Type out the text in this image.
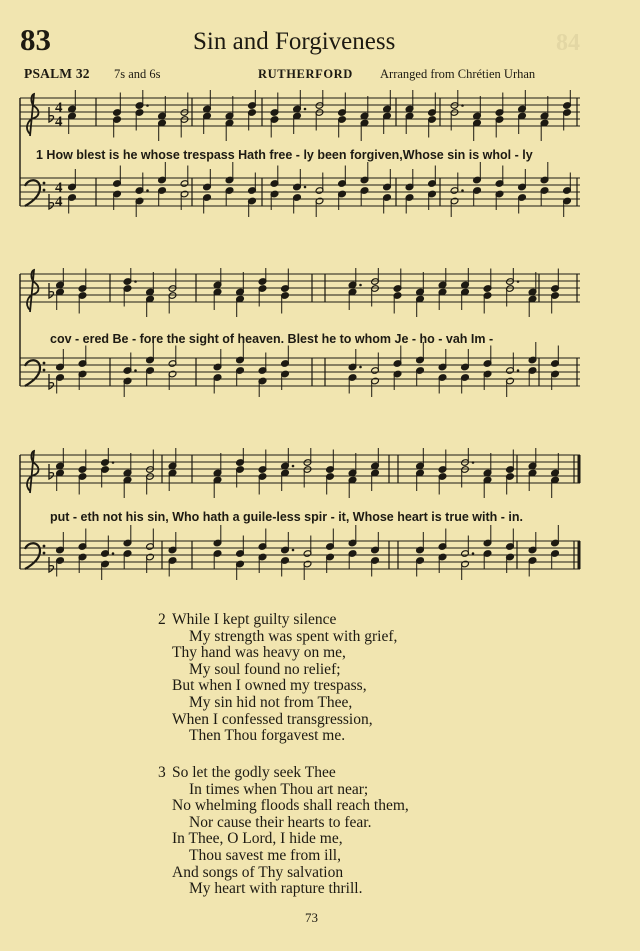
84
83	Sin and Forgiveness
PSALM 32 7s and 6s	RUTHERFORD Arranged from Chrétien Urhan
4
4
4
4
1 How blest is he whose trespass Hath free - ly been forgiven,Whose sin is whol - ly
cov - ered Be - fore the sight of heaven. Blest he to whom Je - ho - vah Im -
put - eth not his sin, Who hath a guile-less spir - it, Whose heart is true with - in.
2 While I kept guilty silence
My strength was spent with grief,
Thy hand was heavy on me,
My soul found no relief;
But when I owned my trespass,
My sin hid not from Thee,
When I confessed transgression,
Then Thou forgavest me.
3 So let the godly seek Thee
In times when Thou art near;
No whelming floods shall reach them,
Nor cause their hearts to fear.
In Thee, O Lord, I hide me,
Thou savest me from ill,
And songs of Thy salvation
My heart with rapture thrill.
73
